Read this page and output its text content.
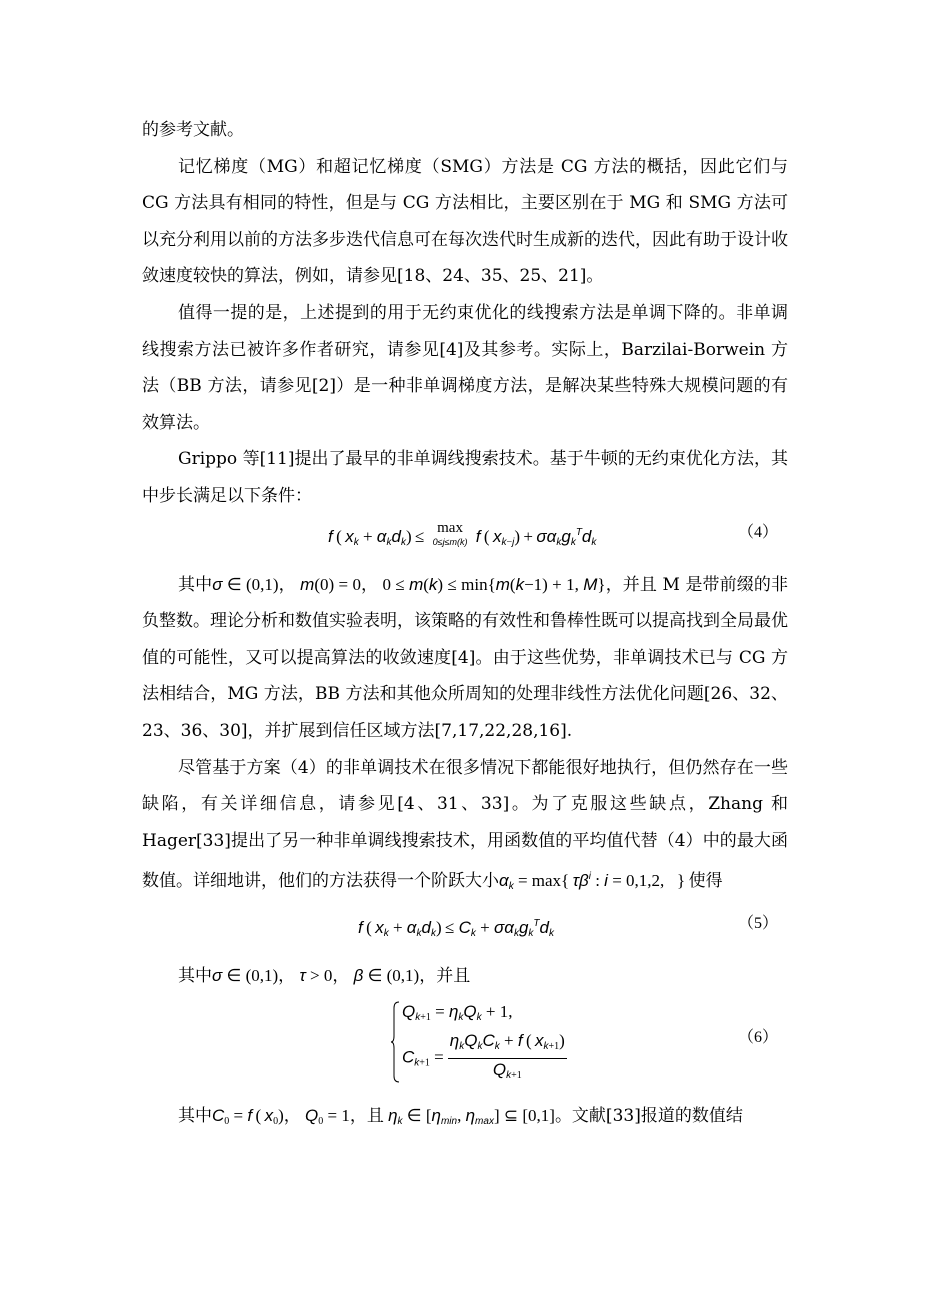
的参考文献。

记忆梯度（MG）和超记忆梯度（SMG）方法是 CG 方法的概括，因此它们与 CG 方法具有相同的特性，但是与 CG 方法相比，主要区别在于 MG 和 SMG 方法可以充分利用以前的方法多步迭代信息可在每次迭代时生成新的迭代，因此有助于设计收敛速度较快的算法，例如，请参见[18、24、35、25、21]。

值得一提的是，上述提到的用于无约束优化的线搜索方法是单调下降的。非单调线搜索方法已被许多作者研究，请参见[4]及其参考。实际上，Barzilai-Borwein 方法（BB 方法，请参见[2]）是一种非单调梯度方法，是解决某些特殊大规模问题的有效算法。

Grippo 等[11]提出了最早的非单调线搜索技术。基于牛顿的无约束优化方法，其中步长满足以下条件：

f ( $x_k + \alpha_kd_k) \le \max$
0≤j≤m(k) f ( $x_{k-j}) + \sigma\alpha_kg_k^Td_k$
（4）

其中σ ∈ (0,1)， m(0) = 0， 0 ≤ m(k) ≤ min{m(k−1) + 1, M}，并且 M 是带前缀的非负整数。理论分析和数值实验表明，该策略的有效性和鲁棒性既可以提高找到全局最优值的可能性，又可以提高算法的收敛速度[4]。由于这些优势，非单调技术已与 CG 方法相结合，MG 方法，BB 方法和其他众所周知的处理非线性方法优化问题[26、32、23、36、30]，并扩展到信任区域方法[7,17,22,28,16].

尽管基于方案（4）的非单调技术在很多情况下都能很好地执行，但仍然存在一些缺陷，有关详细信息，请参见[4、31、33]。为了克服这些缺点，Zhang 和 Hager[33]提出了另一种非单调线搜索技术，用函数值的平均值代替（4）中的最大函数值。详细地讲，他们的方法获得一个阶跃大小$\alpha_k = \max${ $\tau\beta^i$ : i = 0,1,2,   }  使得

f ( $x_k + \alpha_kd_k) \le C_k + \sigma\alpha_kg_k^Td_k$
（5）

其中σ ∈ (0,1)， τ > 0， β ∈ (0,1)，并且

$Q_{k+1} = \eta_kQ_k + 1$,
$C_{k+1} = \frac{\eta_kQ_kC_k + f ( x_{k+1})}{Q_{k+1}}$	（6）

其中$C_0 = f$ ( $x_0$)， $Q_0 = 1$，且 $\eta_k$ ∈ [$\eta_{min}$, $\eta_{max}$] ⊆ [0,1]。文献[33]报道的数值结
